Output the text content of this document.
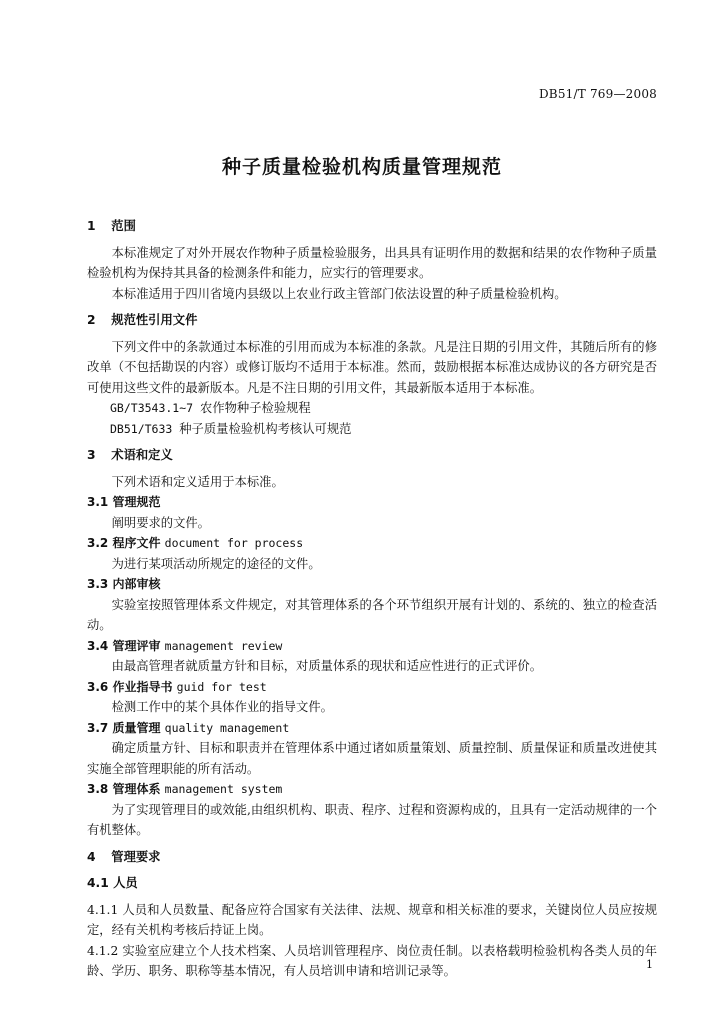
DB51/T 769—2008
种子质量检验机构质量管理规范
1 范围

本标准规定了对外开展农作物种子质量检验服务，出具具有证明作用的数据和结果的农作物种子质量检验机构为保持其具备的检测条件和能力，应实行的管理要求。

本标准适用于四川省境内县级以上农业行政主管部门依法设置的种子质量检验机构。

2 规范性引用文件

下列文件中的条款通过本标准的引用而成为本标准的条款。凡是注日期的引用文件，其随后所有的修改单（不包括勘误的内容）或修订版均不适用于本标准。然而，鼓励根据本标准达成协议的各方研究是否可使用这些文件的最新版本。凡是不注日期的引用文件，其最新版本适用于本标准。

GB/T3543.1~7 农作物种子检验规程
DB51/T633 种子质量检验机构考核认可规范
3 术语和定义

下列术语和定义适用于本标准。

3.1 管理规范

阐明要求的文件。

3.2 程序文件 document for process

为进行某项活动所规定的途径的文件。

3.3 内部审核

实验室按照管理体系文件规定，对其管理体系的各个环节组织开展有计划的、系统的、独立的检查活动。

3.4 管理评审 management review

由最高管理者就质量方针和目标，对质量体系的现状和适应性进行的正式评价。

3.6 作业指导书 guid for test

检测工作中的某个具体作业的指导文件。

3.7 质量管理 quality management

确定质量方针、目标和职责并在管理体系中通过诸如质量策划、质量控制、质量保证和质量改进使其实施全部管理职能的所有活动。

3.8 管理体系 management system

为了实现管理目的或效能,由组织机构、职责、程序、过程和资源构成的，且具有一定活动规律的一个有机整体。

4 管理要求
4.1 人员

4.1.1 人员和人员数量、配备应符合国家有关法律、法规、规章和相关标准的要求，关键岗位人员应按规定，经有关机构考核后持证上岗。

4.1.2 实验室应建立个人技术档案、人员培训管理程序、岗位责任制。以表格载明检验机构各类人员的年龄、学历、职务、职称等基本情况，有人员培训申请和培训记录等。	1
